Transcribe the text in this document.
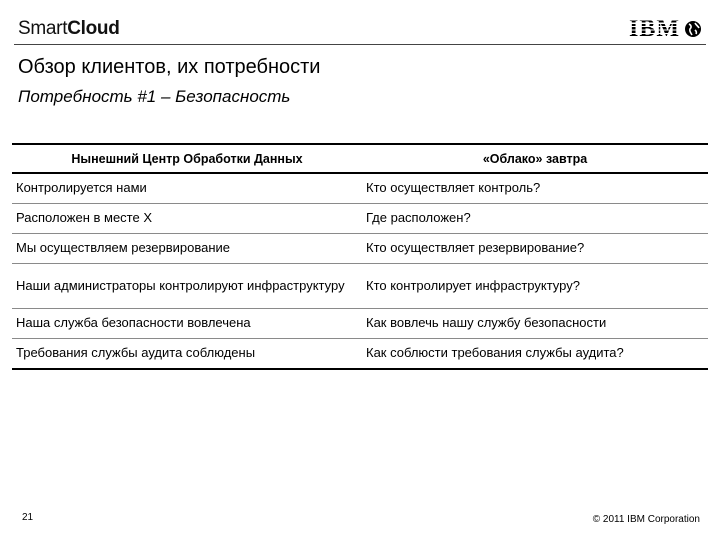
SmartCloud	IBM
Обзор клиентов, их потребности
Потребность #1 – Безопасность
Нынешний Центр Обработки Данных	«Облако» завтра
Контролируется нами	Кто осуществляет контроль?
Расположен в месте X	Где расположен?
Мы осуществляем резервирование	Кто осуществляет резервирование?
Наши администраторы контролируют инфраструктуру	Кто контролирует инфраструктуру?
Наша служба безопасности вовлечена	Как вовлечь нашу службу безопасности
Требования службы аудита соблюдены	Как соблюсти требования службы аудита?
21	© 2011 IBM Corporation
